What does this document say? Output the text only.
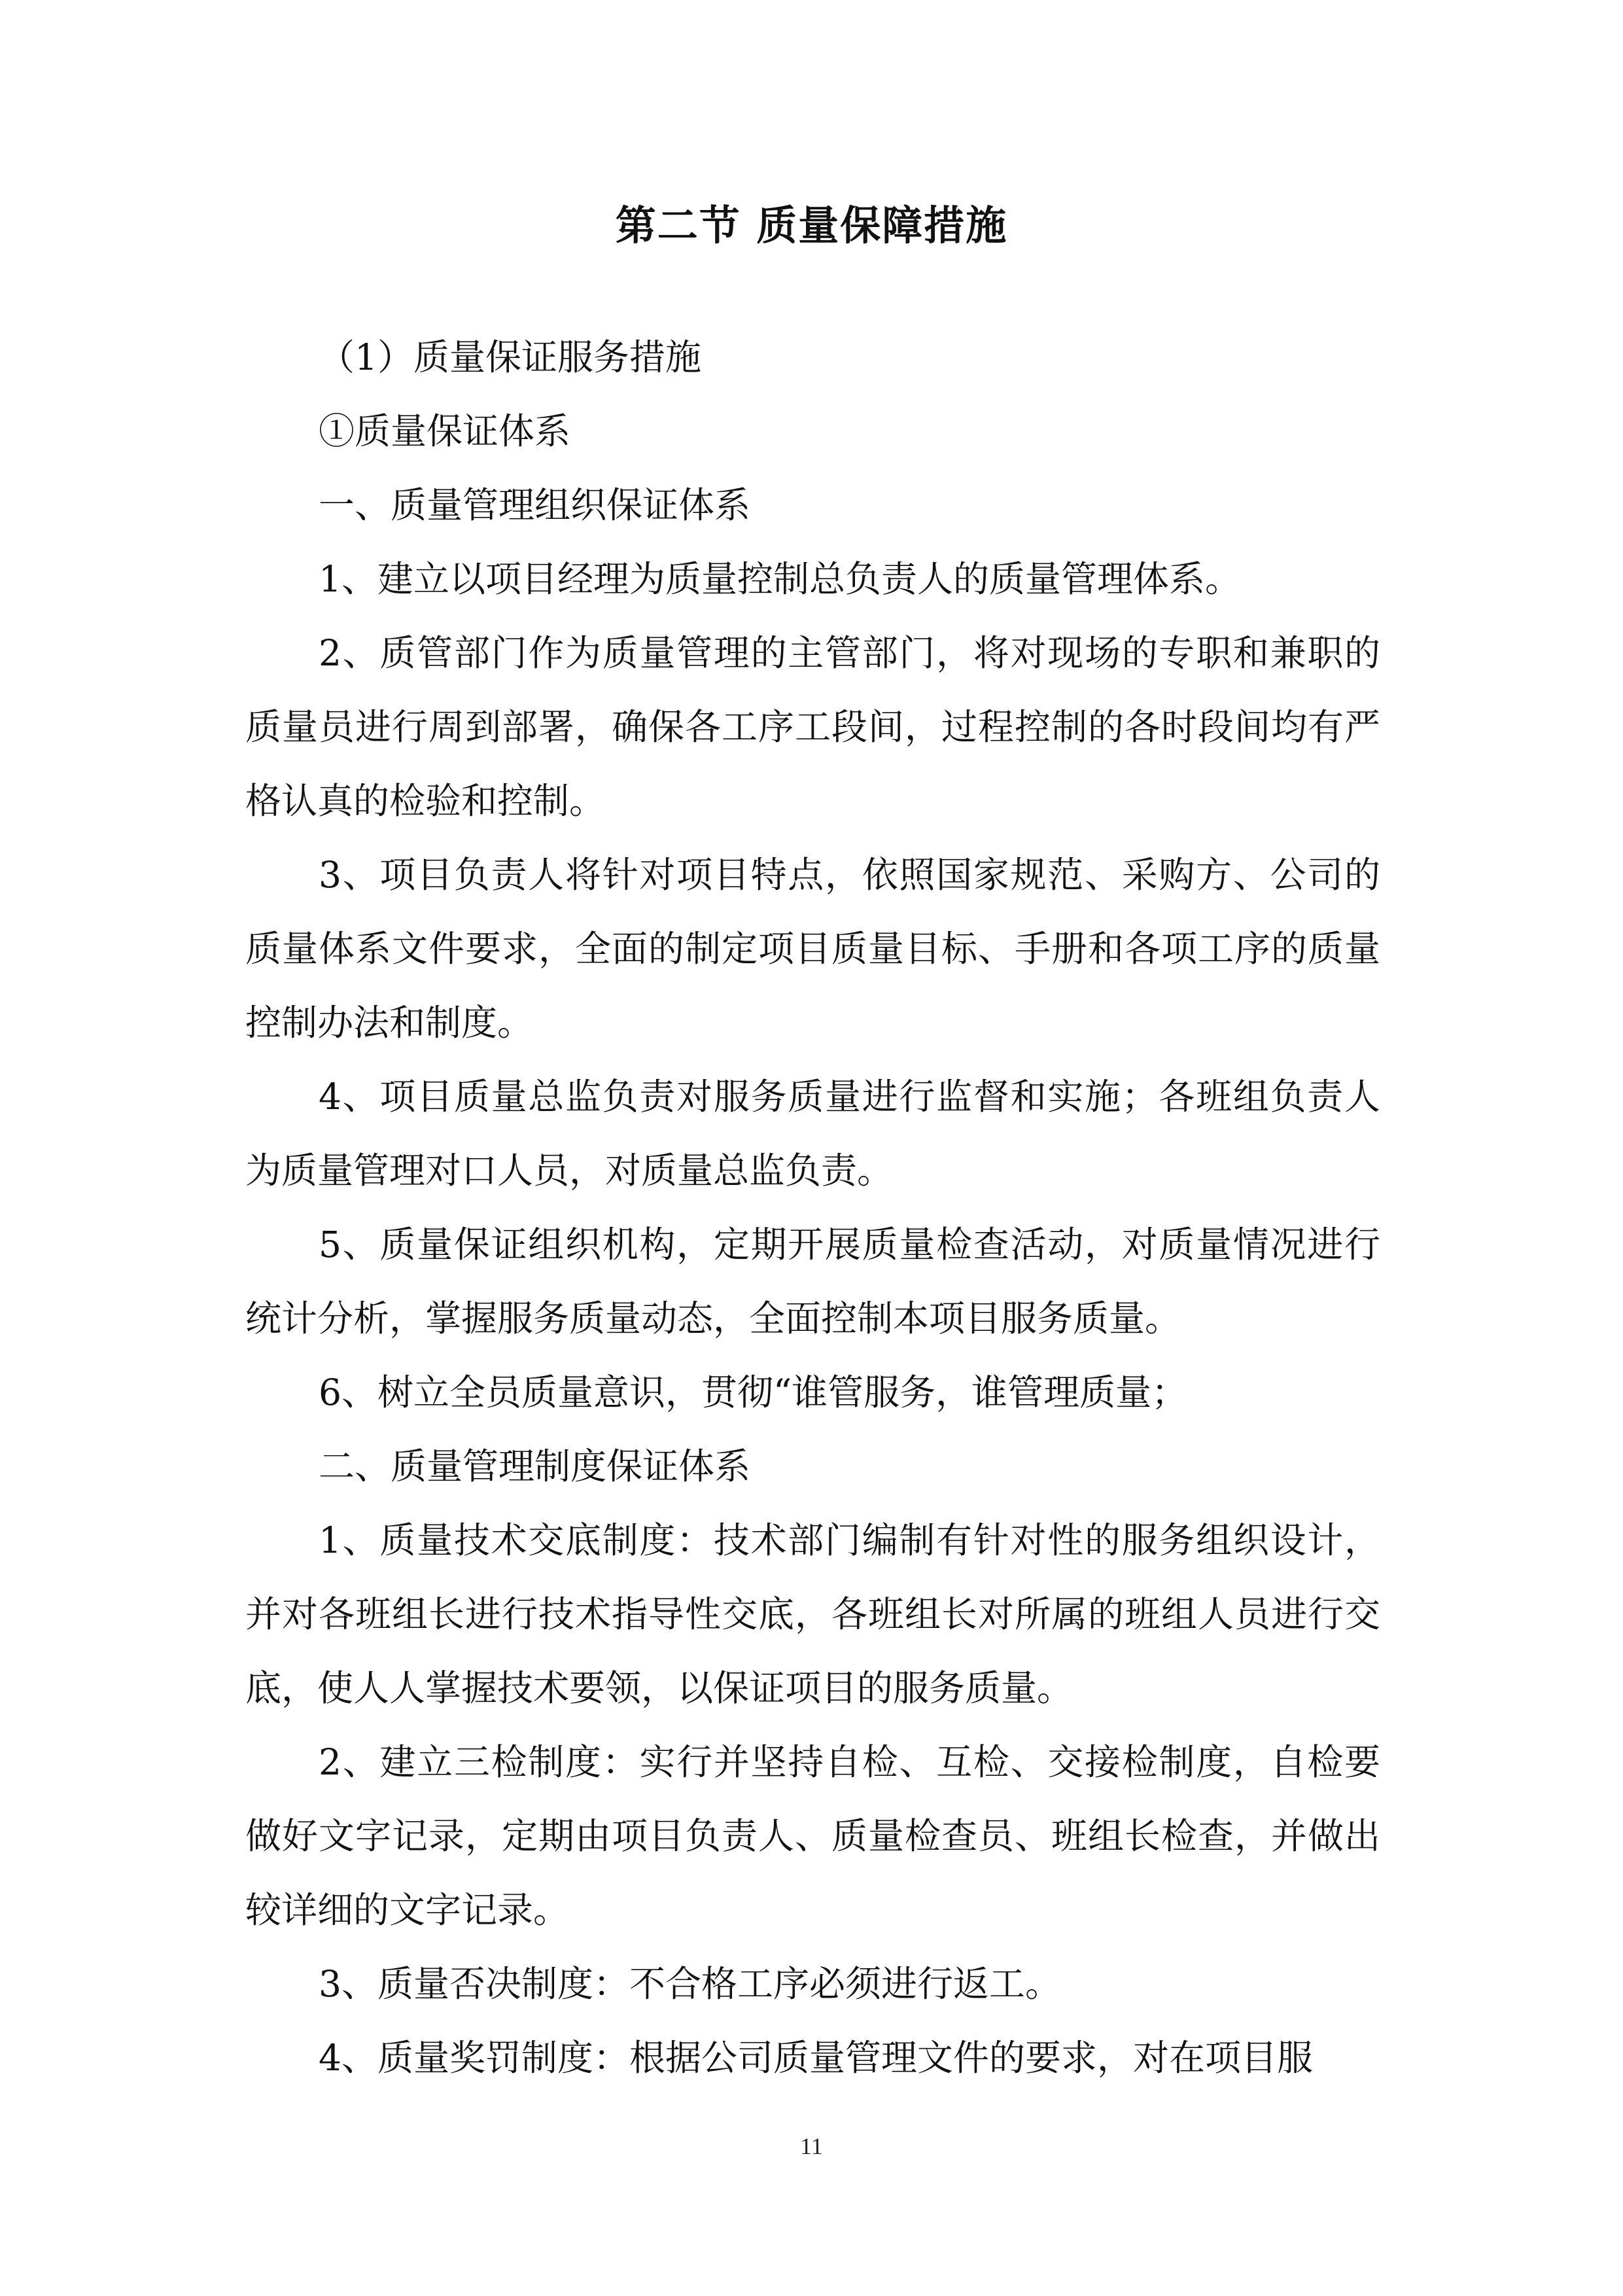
第二节 质量保障措施

（1）质量保证服务措施

①质量保证体系

一、质量管理组织保证体系

1、建立以项目经理为质量控制总负责人的质量管理体系。

2、质管部门作为质量管理的主管部门，将对现场的专职和兼职的质量员进行周到部署，确保各工序工段间，过程控制的各时段间均有严格认真的检验和控制。

3、项目负责人将针对项目特点，依照国家规范、采购方、公司的质量体系文件要求，全面的制定项目质量目标、手册和各项工序的质量控制办法和制度。

4、项目质量总监负责对服务质量进行监督和实施；各班组负责人为质量管理对口人员，对质量总监负责。

5、质量保证组织机构，定期开展质量检查活动，对质量情况进行统计分析，掌握服务质量动态，全面控制本项目服务质量。

6、树立全员质量意识，贯彻“谁管服务，谁管理质量；

二、质量管理制度保证体系

1、质量技术交底制度：技术部门编制有针对性的服务组织设计，并对各班组长进行技术指导性交底，各班组长对所属的班组人员进行交底，使人人掌握技术要领，以保证项目的服务质量。

2、建立三检制度：实行并坚持自检、互检、交接检制度，自检要做好文字记录，定期由项目负责人、质量检查员、班组长检查，并做出较详细的文字记录。

3、质量否决制度：不合格工序必须进行返工。

4、质量奖罚制度：根据公司质量管理文件的要求，对在项目服

11
